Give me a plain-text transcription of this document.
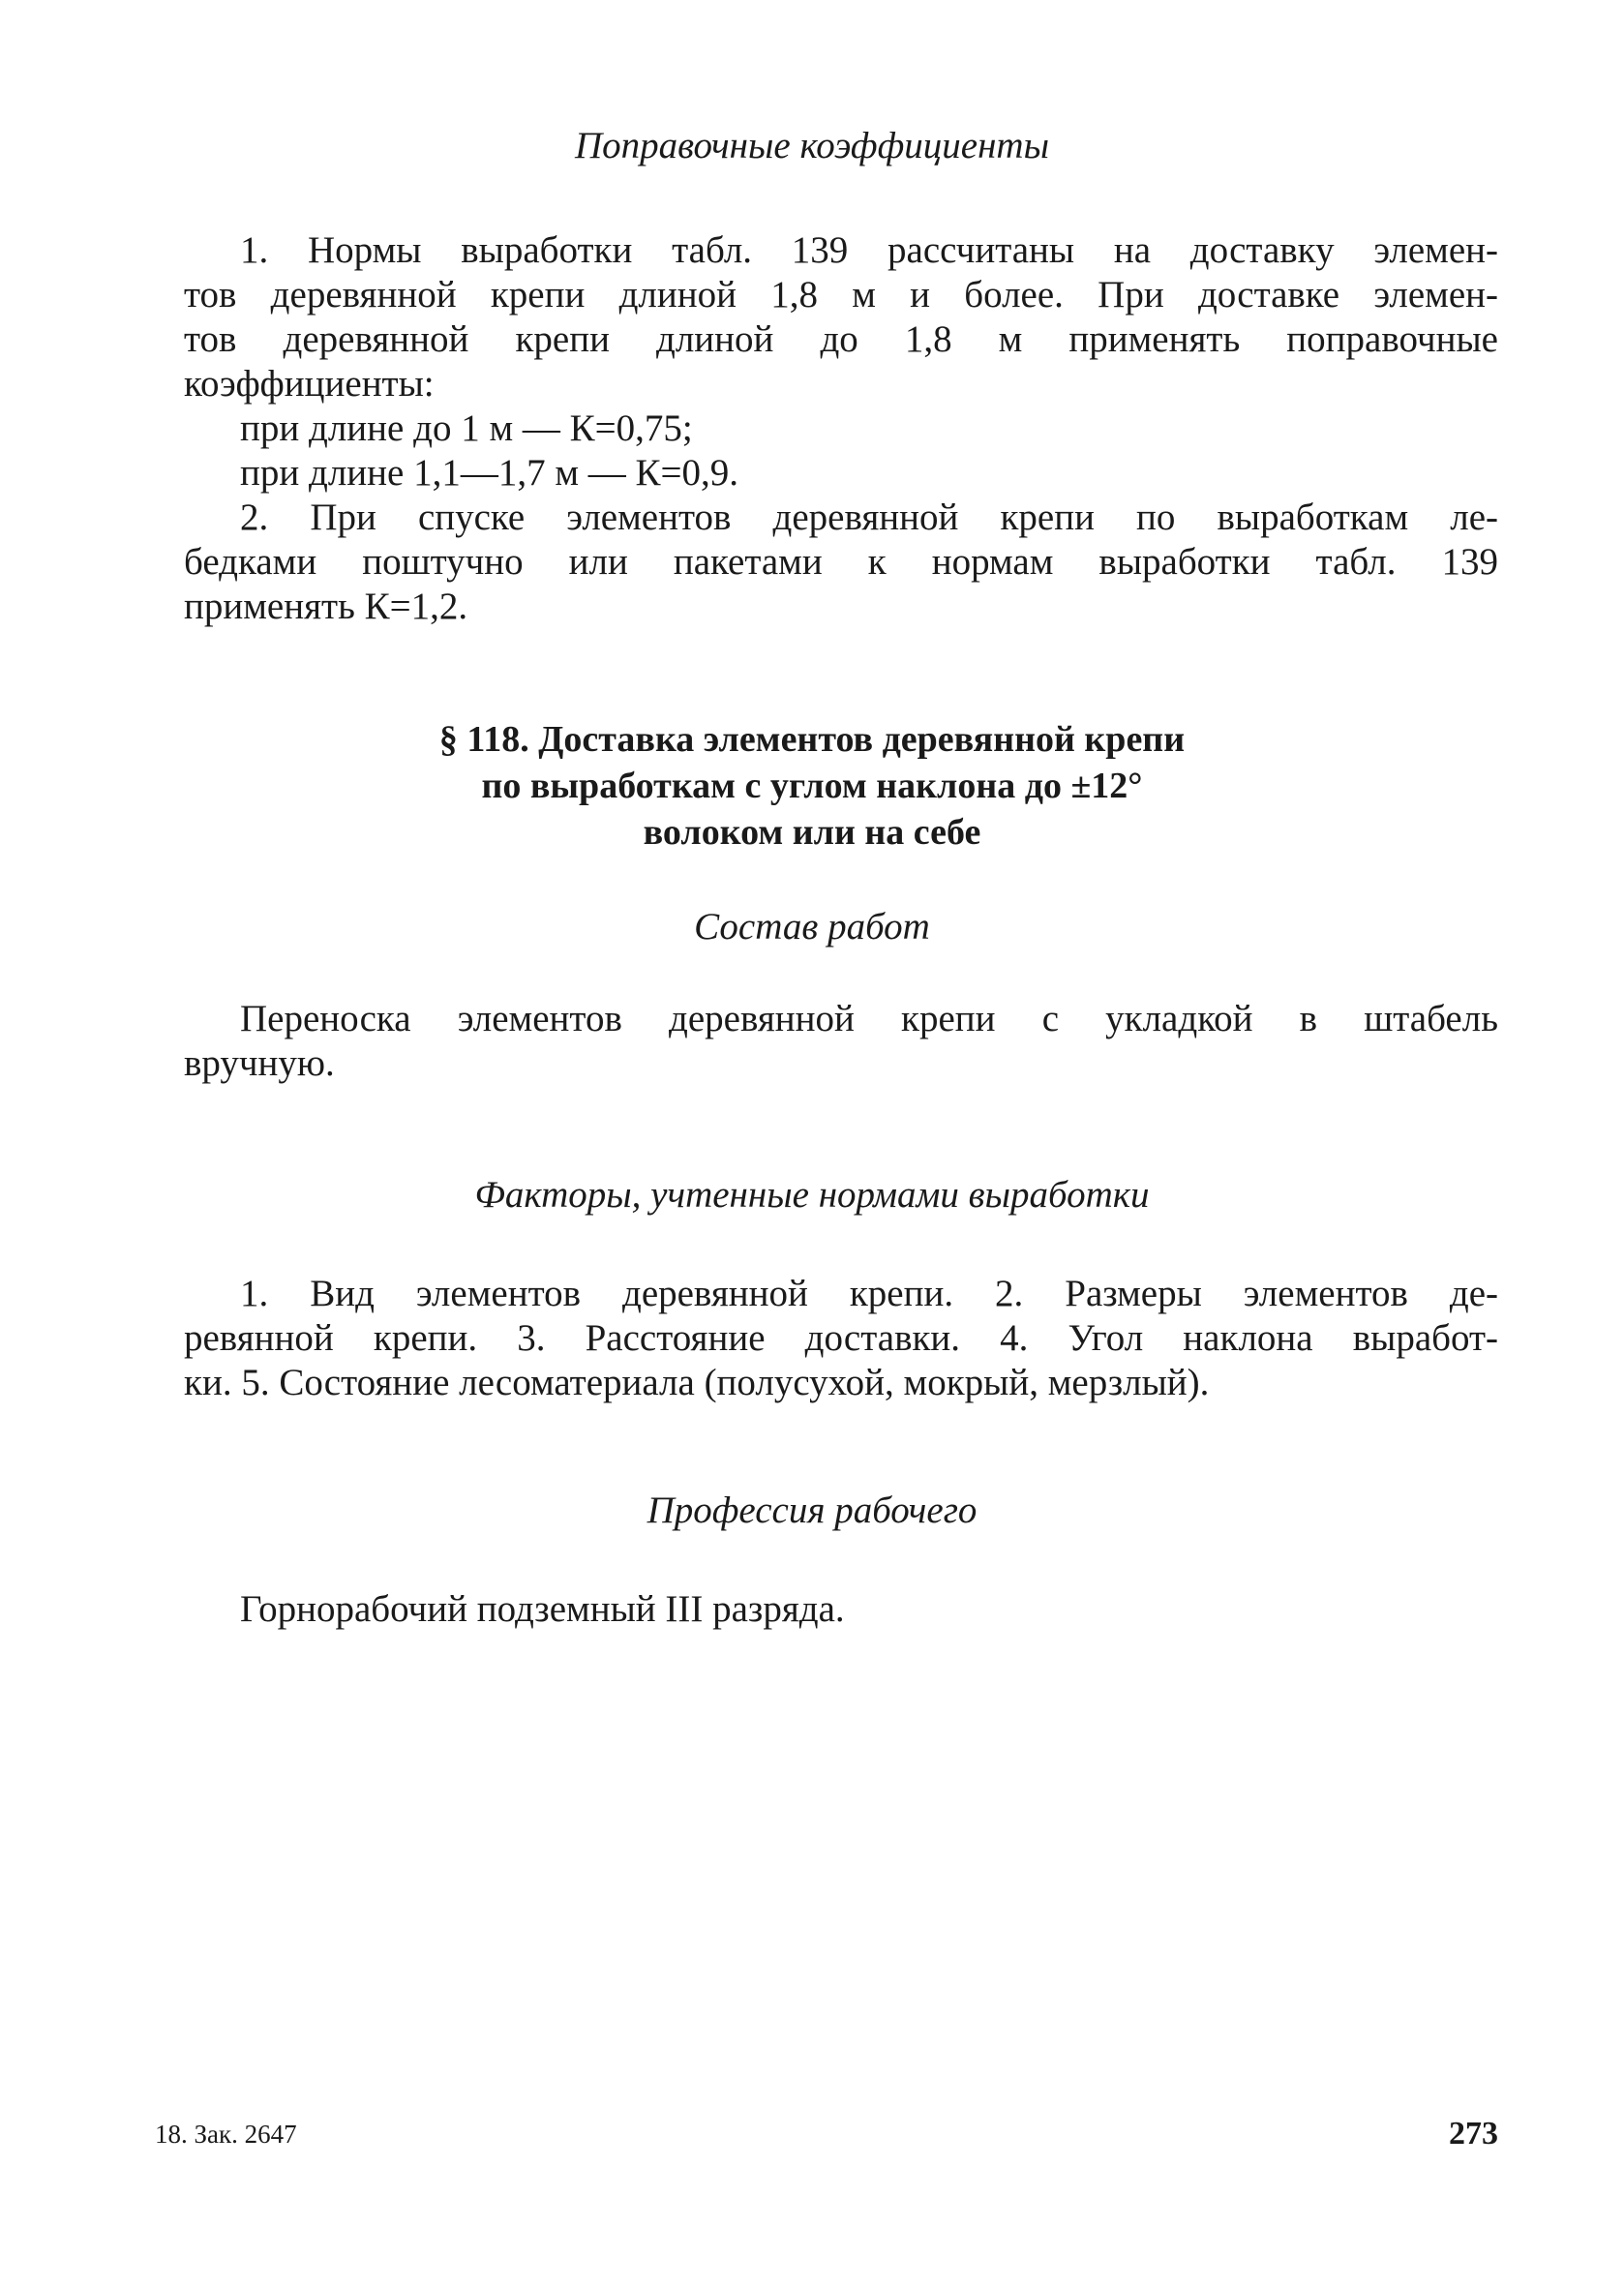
Поправочные коэффициенты
1. Нормы выработки табл. 139 рассчитаны на доставку элемен-
тов деревянной крепи длиной 1,8 м и более. При доставке элемен-
тов деревянной крепи длиной до 1,8 м применять поправочные
коэффициенты:
при длине до 1 м — К=0,75;
при длине 1,1—1,7 м — К=0,9.
2. При спуске элементов деревянной крепи по выработкам ле-
бедками поштучно или пакетами к нормам выработки табл. 139
применять К=1,2.
§ 118. Доставка элементов деревянной крепи
по выработкам с углом наклона до ±12°
волоком или на себе
Состав работ
Переноска элементов деревянной крепи с укладкой в штабель
вручную.
Факторы, учтенные нормами выработки
1. Вид элементов деревянной крепи. 2. Размеры элементов де-
ревянной крепи. 3. Расстояние доставки. 4. Угол наклона выработ-
ки. 5. Состояние лесоматериала (полусухой, мокрый, мерзлый).
Профессия рабочего
Горнорабочий подземный III разряда.
18. Зак. 2647	273
